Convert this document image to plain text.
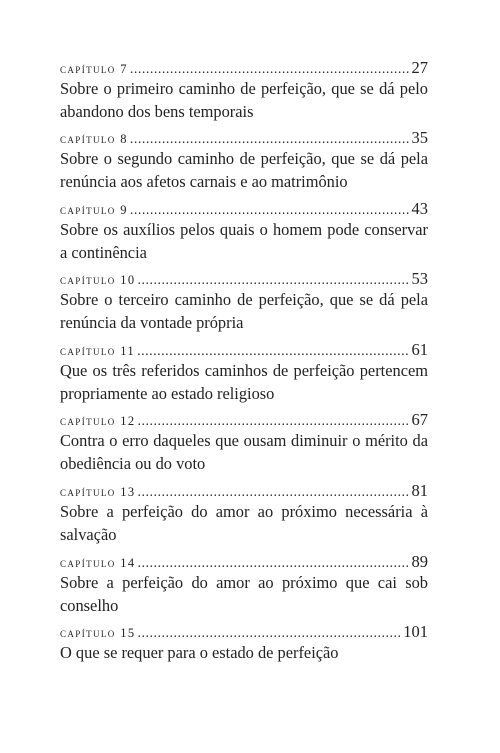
capítulo 7 .....	27
Sobre o primeiro caminho de perfeição, que se dá pelo abandono dos bens temporais
capítulo 8 .....	35
Sobre o segundo caminho de perfeição, que se dá pela renúncia aos afetos carnais e ao matrimônio
capítulo 9 .....	43
Sobre os auxílios pelos quais o homem pode conservar a continência
capítulo 10 .....	53
Sobre o terceiro caminho de perfeição, que se dá pela renúncia da vontade própria
capítulo 11 .....	61
Que os três referidos caminhos de perfeição pertencem propriamente ao estado religioso
capítulo 12 .....	67
Contra o erro daqueles que ousam diminuir o mérito da obediência ou do voto
capítulo 13 .....	81
Sobre a perfeição do amor ao próximo necessária à salvação
capítulo 14 .....	89
Sobre a perfeição do amor ao próximo que cai sob conselho
capítulo 15 .....	101
O que se requer para o estado de perfeição
